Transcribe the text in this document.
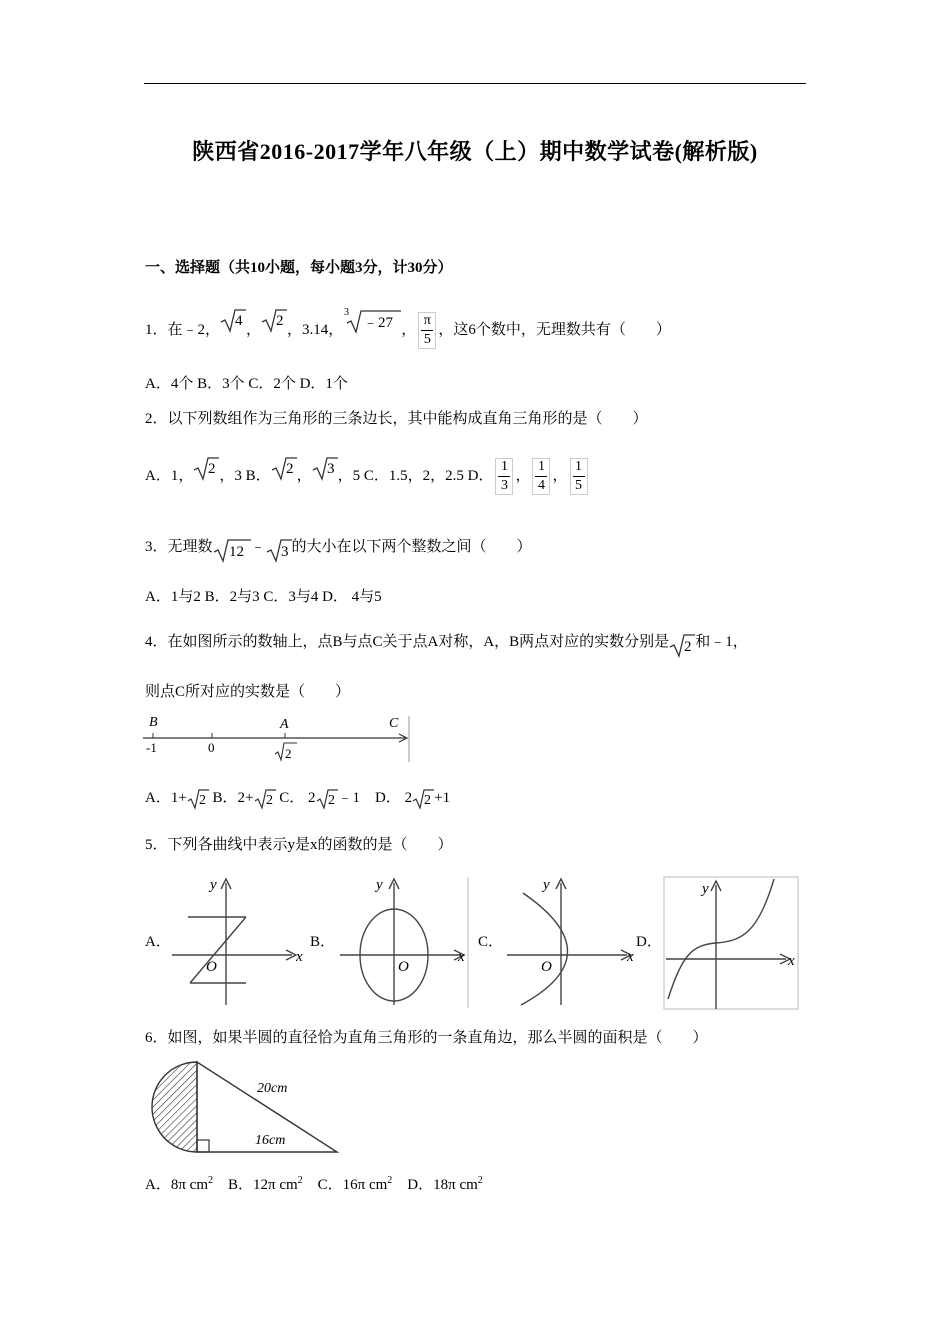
陕西省2016-2017学年八年级（上）期中数学试卷(解析版)
一、选择题（共10小题，每小题3分，计30分）
1．在﹣2，
4
，
2
，3.14，
3
﹣27 ， $\frac{\pi}{5}$ ，这6个数中，无理数共有（　　）
A．4个 B．3个 C．2个 D．1个
2．以下列数组作为三角形的三条边长，其中能构成直角三角形的是（　　）
A．1， 2 ，3 B． 2 ， 3 ，5 C．1.5，2，2.5 D． $\frac{1}{3}$ ， $\frac{1}{4}$ ， $\frac{1}{5}$
3．无理数 12 ﹣ 3 的大小在以下两个整数之间（　　）
A．1与2 B．2与3 C．3与4 D． 4与5
4．在如图所示的数轴上，点B与点C关于点A对称，A，B两点对应的实数分别是 2 和﹣1，
则点C所对应的实数是（　　）
B	A	C
-1	0	2
A．1+ 2 B．2+ 2 C． 2 2 ﹣1　D． 2 2 +1
5．下列各曲线中表示y是x的函数的是（　　）
A．	B．	C．	D．
y
x
O
y
x
O
y
x
O
y
x
6．如图，如果半圆的直径恰为直角三角形的一条直角边，那么半圆的面积是（　　）
20cm
16cm
A．8π $cm^2$　B．12π $cm^2$　C．16π $cm^2$　D．18π $cm^2$
